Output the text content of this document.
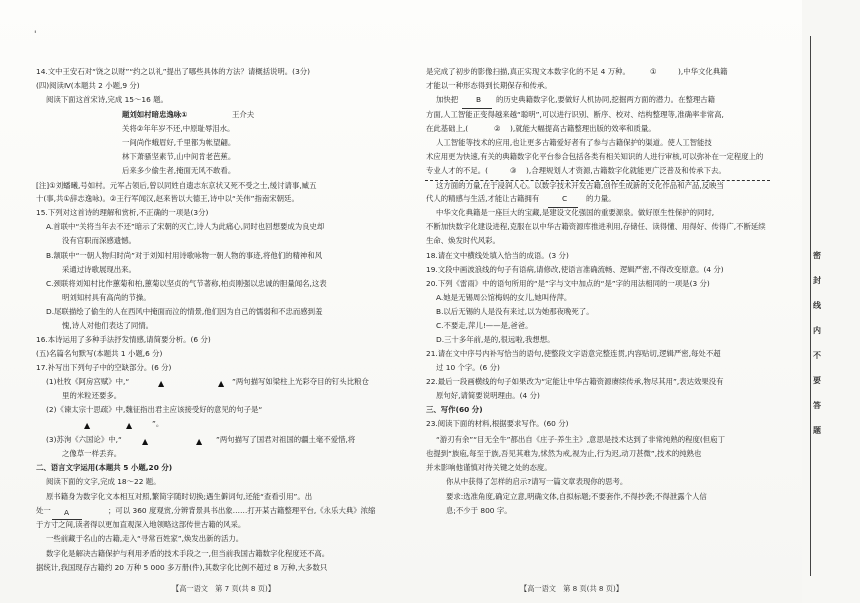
'
密
封
线
内
不
要
答
题
▲	▲
▲	▲
▲	▲
A
【高一语文　第 7 页(共 8 页)】	【高一语文　第 8 页(共 8 页)】
14.文中王安石对“饶之以财”“约之以礼”提出了哪些具体的方法？请概括说明。(3分)
(四)阅读Ⅳ(本题共 2 小题,9 分)
阅读下面这首宋诗,完成 15～16 题。
题刘如村暗忠逸咏①	王介夫
关将②年年岁不还,中原耻辱泪水。
一间尚作蛾眉好,千里都为帐望翩。
林下萧骚坚素节,山中间肯老芭蕉。
后来多少偷生者,掩面无风不敢看。
[注]①刘蟠曦,号如村。元军占领后,曾以同姓自遗志东京状又死不受之士,缓讨请事,臧五
十(事,共①辞志逸咏)。②王行军闻汉,赵来皆以大德王,诗中以“关伟”指南宋朝廷。
15.下列对这首诗的理解和赏析,不正确的一项是(3分)
A.首联中“关将当年去不还”暗示了宋朝的灭亡,诗人为此痛心,同时也回想要成为良史却
没有官职而深感遗憾。
B.颔联中“一朝人物归时尚”对于刘知村用诗歌咏物一朝人物的事迹,将他们的精神和风
采通过诗歌展现出来。
C.颈联将刘知村比作蕙菊和柏,蕙菊以坚贞的气节著称,柏贞刚强以忠诚的胆量闻名,这表
明刘知村具有高尚的节操。
D.尾联描绘了偷生的人在西风中掩面而泣的情景,他们因为自己的懦弱和不忠而感到羞
愧,诗人对他们表达了同情。
16.本诗运用了多种手法抒发情感,请简要分析。(6 分)
(五)名篇名句默写(本题共 1 小题,6 分)
17.补写出下列句子中的空缺部分。(6 分)
(1)杜牧《阿房宫赋》中,“	”两句描写如梁柱上光彩夺目的钉头比粮仓
里的米粒还要多。
(2)《谏太宗十思疏》中,魏征指出君主应该接受好的意见的句子是“
”。
(3)苏洵《六国论》中,“	”两句描写了国君对祖国的疆土毫不爱惜,将
之像草一样丢弃。
二、语言文字运用(本题共 5 小题,20 分)
阅读下面的文字,完成 18～22 题。
原书籍身为数字化文本相互对照,繁简字随时切换;遇生僻词句,还能“查看引用”。出
处一	；可以 360 度观赏,分辨背景具书出象……打开某古籍整理平台,《永乐大典》浓缩
于方寸之间,读者得以更加直观深入地领略这部传世古籍的风采。
一些前藏于名山的古籍,走入“寻常百姓家”,焕发出新的活力。
数字化是解决古籍保护与利用矛盾的技术手段之一,但当前我国古籍数字化程度还不高。
据统计,我国现存古籍约 20 万种 5 000 多万册(件),其数字化比例不超过 8 万种,大多数只
是完成了初步的影像扫描,真正实现文本数字化的不足 4 万种。	①	),中华文化典籍
才能以一种形态得到长期保存和传承。
加快把 B 的历史典籍数字化,要做好人机协同,挖掘两方面的潜力。在整理古籍
方面,人工智能正变得越来越“聪明”,可以进行识别、断序、校对、结构整理等,准确率非常高,
在此基础上,(	② ),就能大幅提高古籍整理出版的效率和质量。
人工智能等技术的应用,也让更多古籍爱好者有了参与古籍保护的渠道。使人工智能技
术应用更为快速,有关的典籍数字化平台参合包括各类有相关知识的人进行审核,可以弥补在一定程度上的
专业人才的不足。(	③ ),合理规划人才资源,古籍数字化就能更广泛普及和传承下去。
这方面的力量,在于浸润人心。以数字技术开发古籍,创作生成新的文化作品和产品,反映当
代人的精感与生活,才能让古籍拥有	C	的力量。
中华文化典籍是一座巨大的宝藏,是建设文化强国的重要源泉。做好原生性保护的同时,
不断加快数字化建设进程,克服在以中华古籍资源库推进利用,存储任、读得懂、用得好、传得广,不断延续
生命、焕发时代风彩。
18.请在文中横线处填入恰当的成语。(3 分)
19.文段中画波浪线的句子有语病,请修改,使语言准确流畅、逻辑严密,不得改变原意。(4 分)
20.下列《雷雨》中的语句所用的“是”字与文中加点的“是”字的用法相同的一项是(3 分)
A.她是无锡周公馆梅妈的女儿,她叫侍萍。
B.以后无锡的人是没有来过,以为她那夜晚死了。
C.不要走,萍儿!——是,爸爸。
D.三十多年前,是的,很远啦,我想想。
21.请在文中序号内补写恰当的语句,使整段文字语意完整连贯,内容贴切,逻辑严密,每处不超
过 10 个字。(6 分)
22.最后一段画横线的句子如果改为“定能让中华古籍资源赓续传承,物尽其用”,表达效果没有
原句好,请简要说明理由。(4 分)
三、写作(60 分)
23.阅读下面的材料,根据要求写作。(60 分)
“游刃有余”“目无全牛”都出自《庄子·养生主》,意思是技术达到了非常纯熟的程度(但庖丁
也提到“族庖,每至于族,吾见其难为,怵然为戒,视为止,行为迟,动刀甚微”,技术的纯熟也
并未影响他谨慎对待关键之处的态度。
你从中获得了怎样的启示?请写一篇文章表现你的思考。
要求:选准角度,确定立意,明确文体,自拟标题;不要套作,不得抄袭;不得泄露个人信
息;不少于 800 字。
